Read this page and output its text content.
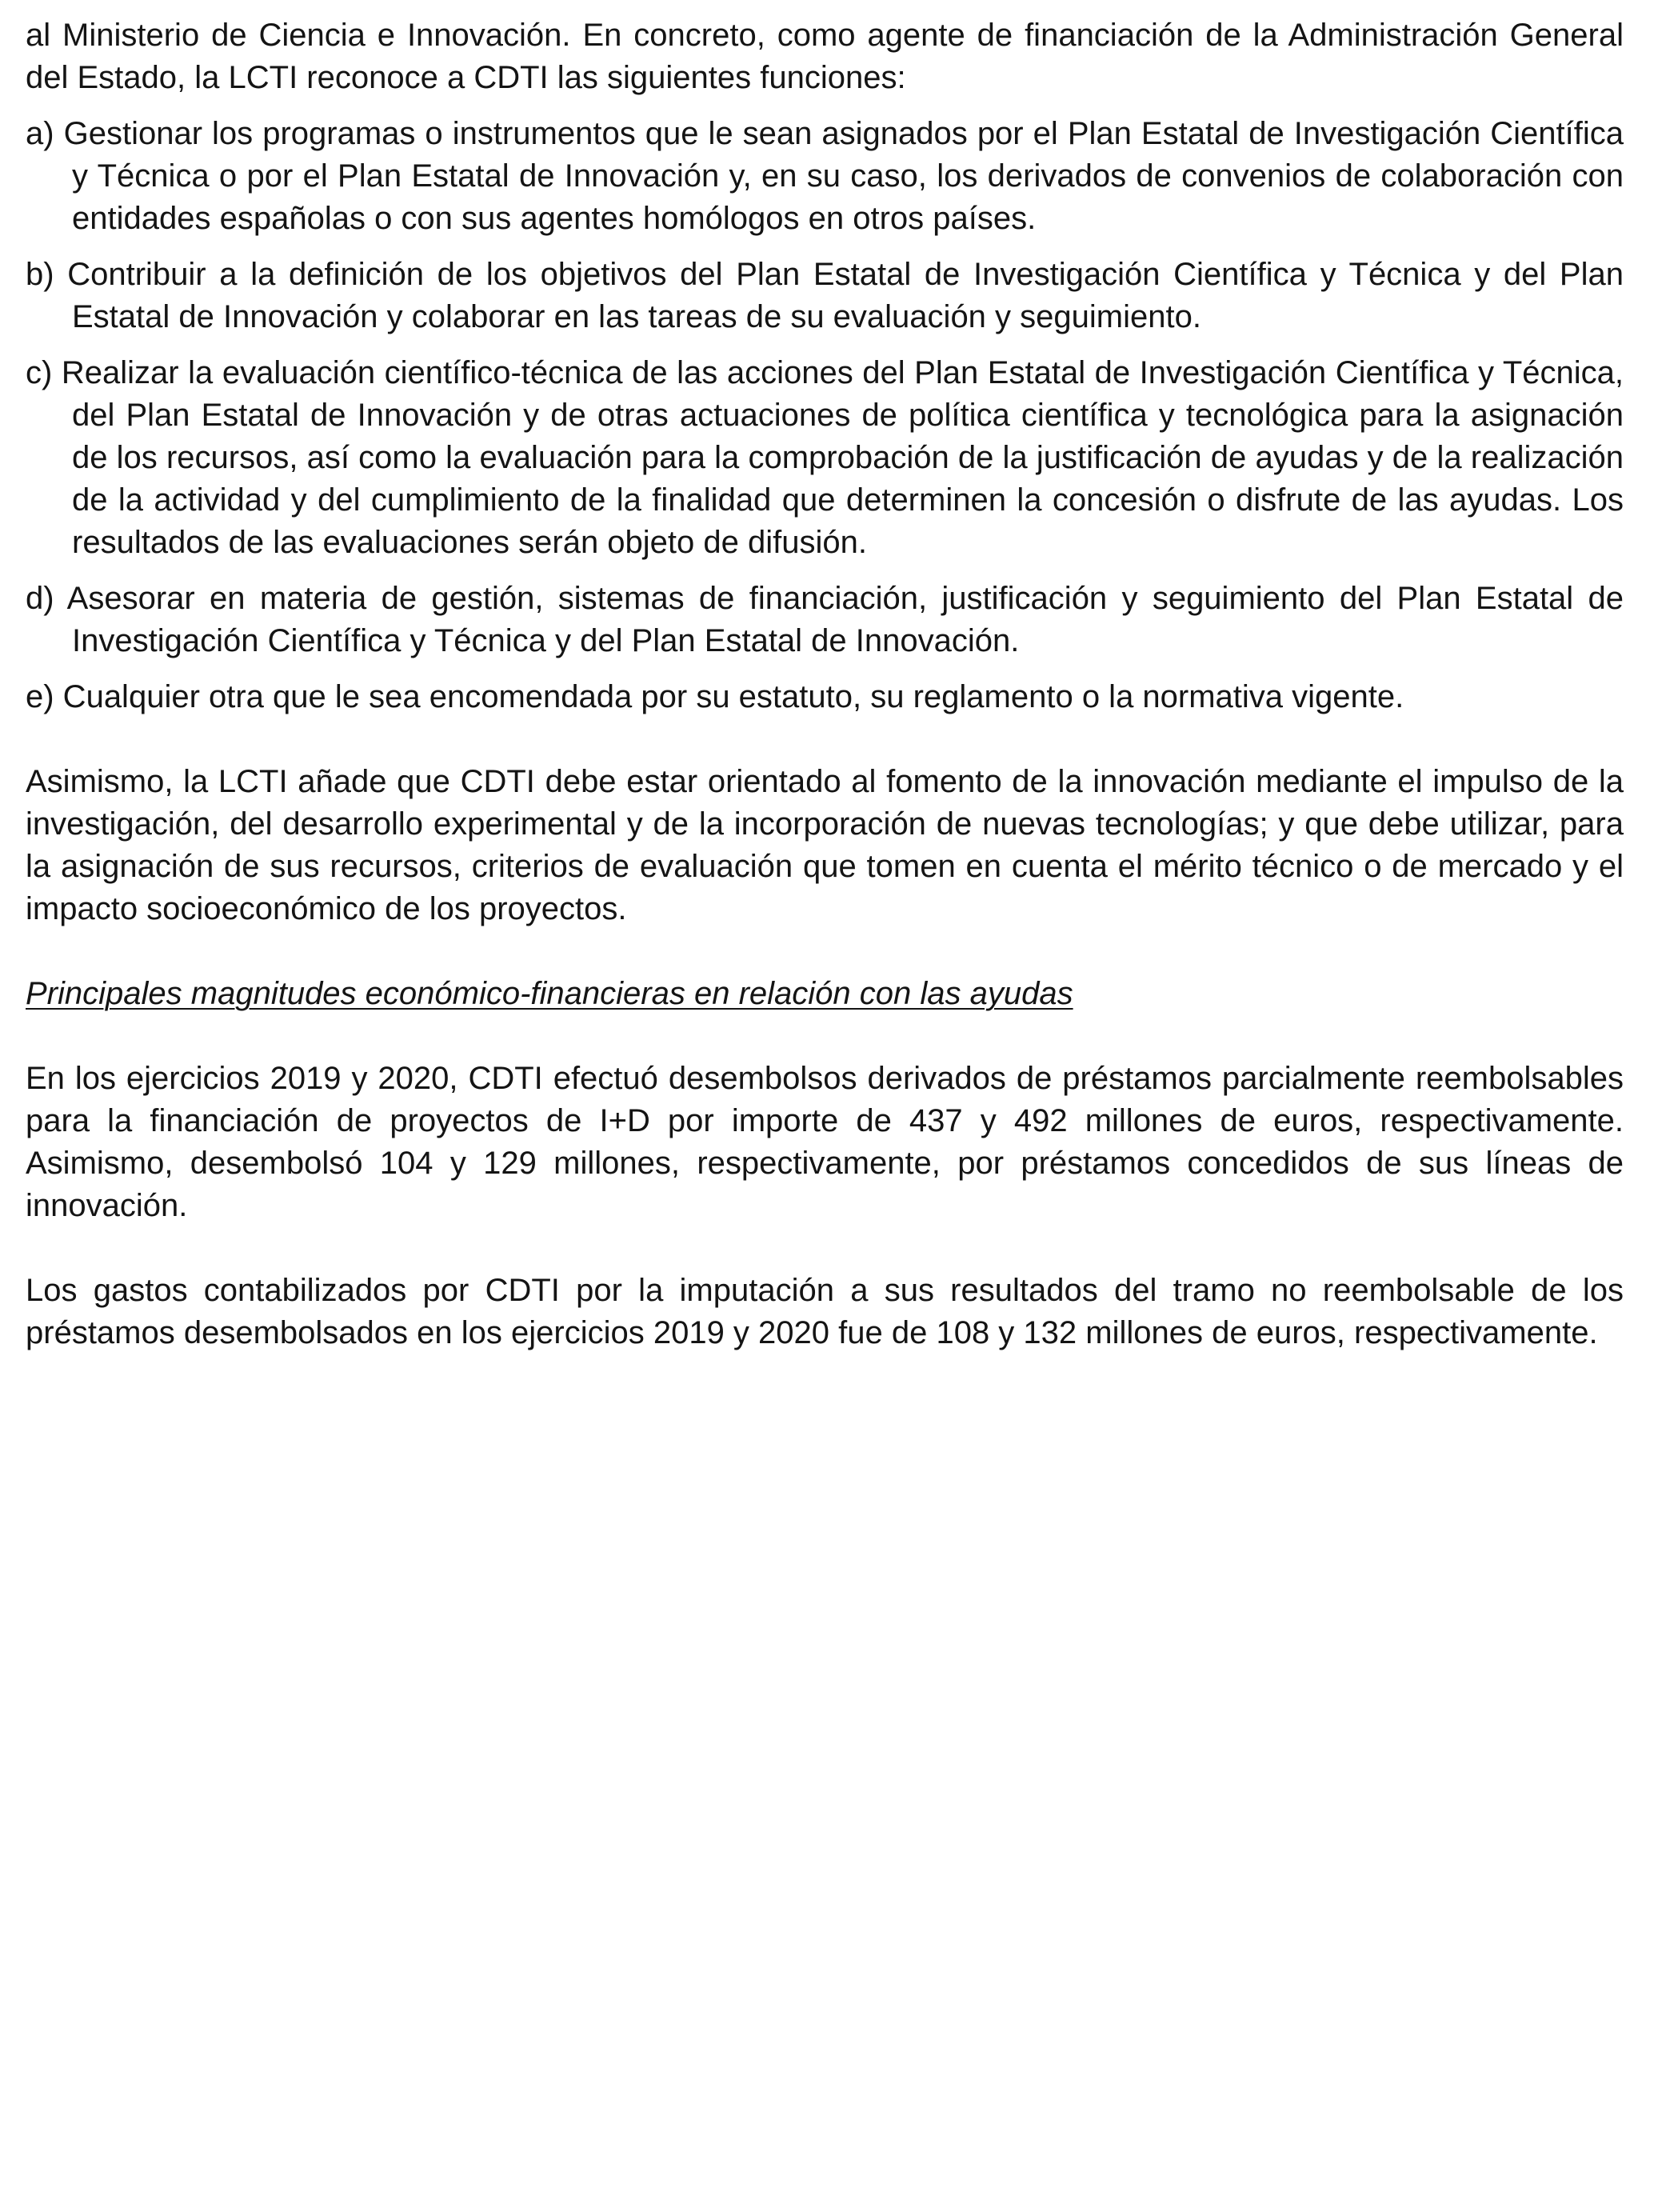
al Ministerio de Ciencia e Innovación. En concreto, como agente de financiación de la Administración General del Estado, la LCTI reconoce a CDTI las siguientes funciones:

a) Gestionar los programas o instrumentos que le sean asignados por el Plan Estatal de Investigación Científica y Técnica o por el Plan Estatal de Innovación y, en su caso, los derivados de convenios de colaboración con entidades españolas o con sus agentes homólogos en otros países.

b) Contribuir a la definición de los objetivos del Plan Estatal de Investigación Científica y Técnica y del Plan Estatal de Innovación y colaborar en las tareas de su evaluación y seguimiento.

c) Realizar la evaluación científico-técnica de las acciones del Plan Estatal de Investigación Científica y Técnica, del Plan Estatal de Innovación y de otras actuaciones de política científica y tecnológica para la asignación de los recursos, así como la evaluación para la comprobación de la justificación de ayudas y de la realización de la actividad y del cumplimiento de la finalidad que determinen la concesión o disfrute de las ayudas. Los resultados de las evaluaciones serán objeto de difusión.

d) Asesorar en materia de gestión, sistemas de financiación, justificación y seguimiento del Plan Estatal de Investigación Científica y Técnica y del Plan Estatal de Innovación.

e) Cualquier otra que le sea encomendada por su estatuto, su reglamento o la normativa vigente.

Asimismo, la LCTI añade que CDTI debe estar orientado al fomento de la innovación mediante el impulso de la investigación, del desarrollo experimental y de la incorporación de nuevas tecnologías; y que debe utilizar, para la asignación de sus recursos, criterios de evaluación que tomen en cuenta el mérito técnico o de mercado y el impacto socioeconómico de los proyectos.

Principales magnitudes económico-financieras en relación con las ayudas

En los ejercicios 2019 y 2020, CDTI efectuó desembolsos derivados de préstamos parcialmente reembolsables para la financiación de proyectos de I+D por importe de 437 y 492 millones de euros, respectivamente. Asimismo, desembolsó 104 y 129 millones, respectivamente, por préstamos concedidos de sus líneas de innovación.

Los gastos contabilizados por CDTI por la imputación a sus resultados del tramo no reembolsable de los préstamos desembolsados en los ejercicios 2019 y 2020 fue de 108 y 132 millones de euros, respectivamente.
